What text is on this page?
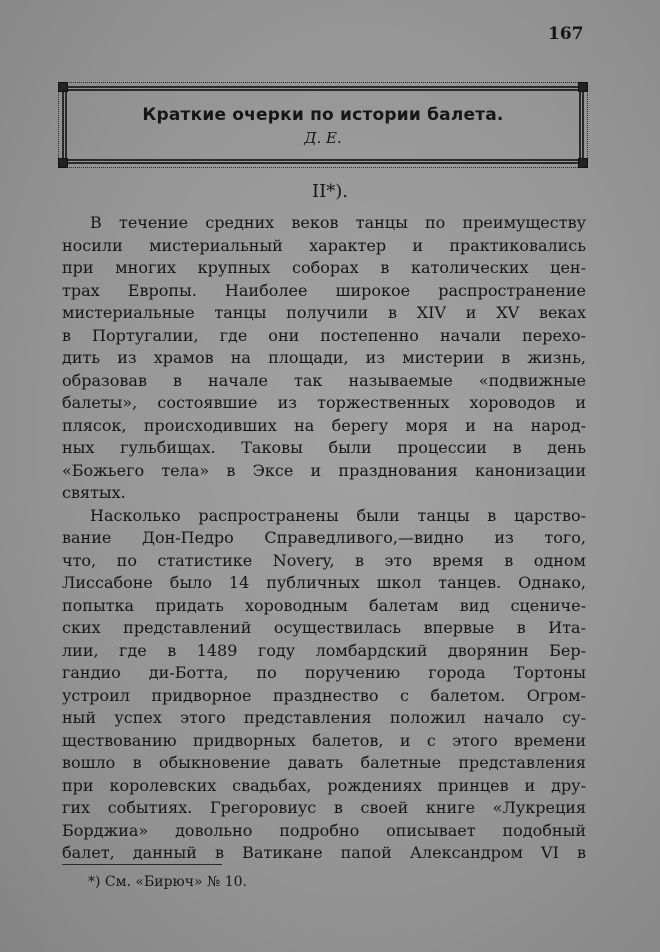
167
Краткие очерки по истории балета.
Д. Е.
II*).
В течение средних веков танцы по преимуществу
носили мистериальный характер и практиковались
при многих крупных соборах в католических цен-
трах Европы. Наиболее широкое распространение
мистериальные танцы получили в XIV и XV веках
в Португалии, где они постепенно начали перехо-
дить из храмов на площади, из мистерии в жизнь,
образовав в начале так называемые «подвижные
балеты», состоявшие из торжественных хороводов и
плясок, происходивших на берегу моря и на народ-
ных гульбищах. Таковы были процессии в день
«Божьего тела» в Эксе и празднования канонизации
святых.
Насколько распространены были танцы в царство-
вание Дон-Педро Справедливого,—видно из того,
что, по статистике Novery, в это время в одном
Лиссабоне было 14 публичных школ танцев. Однако,
попытка придать хороводным балетам вид сцениче-
ских представлений осуществилась впервые в Ита-
лии, где в 1489 году ломбардский дворянин Бер-
гандио ди-Ботта, по поручению города Тортоны
устроил придворное празднество с балетом. Огром-
ный успех этого представления положил начало су-
ществованию придворных балетов, и с этого времени
вошло в обыкновение давать балетные представления
при королевских свадьбах, рождениях принцев и дру-
гих событиях. Грегоровиус в своей книге «Лукреция
Борджиа» довольно подробно описывает подобный
балет, данный в Ватикане папой Александром VI в
*) См. «Бирюч» № 10.
